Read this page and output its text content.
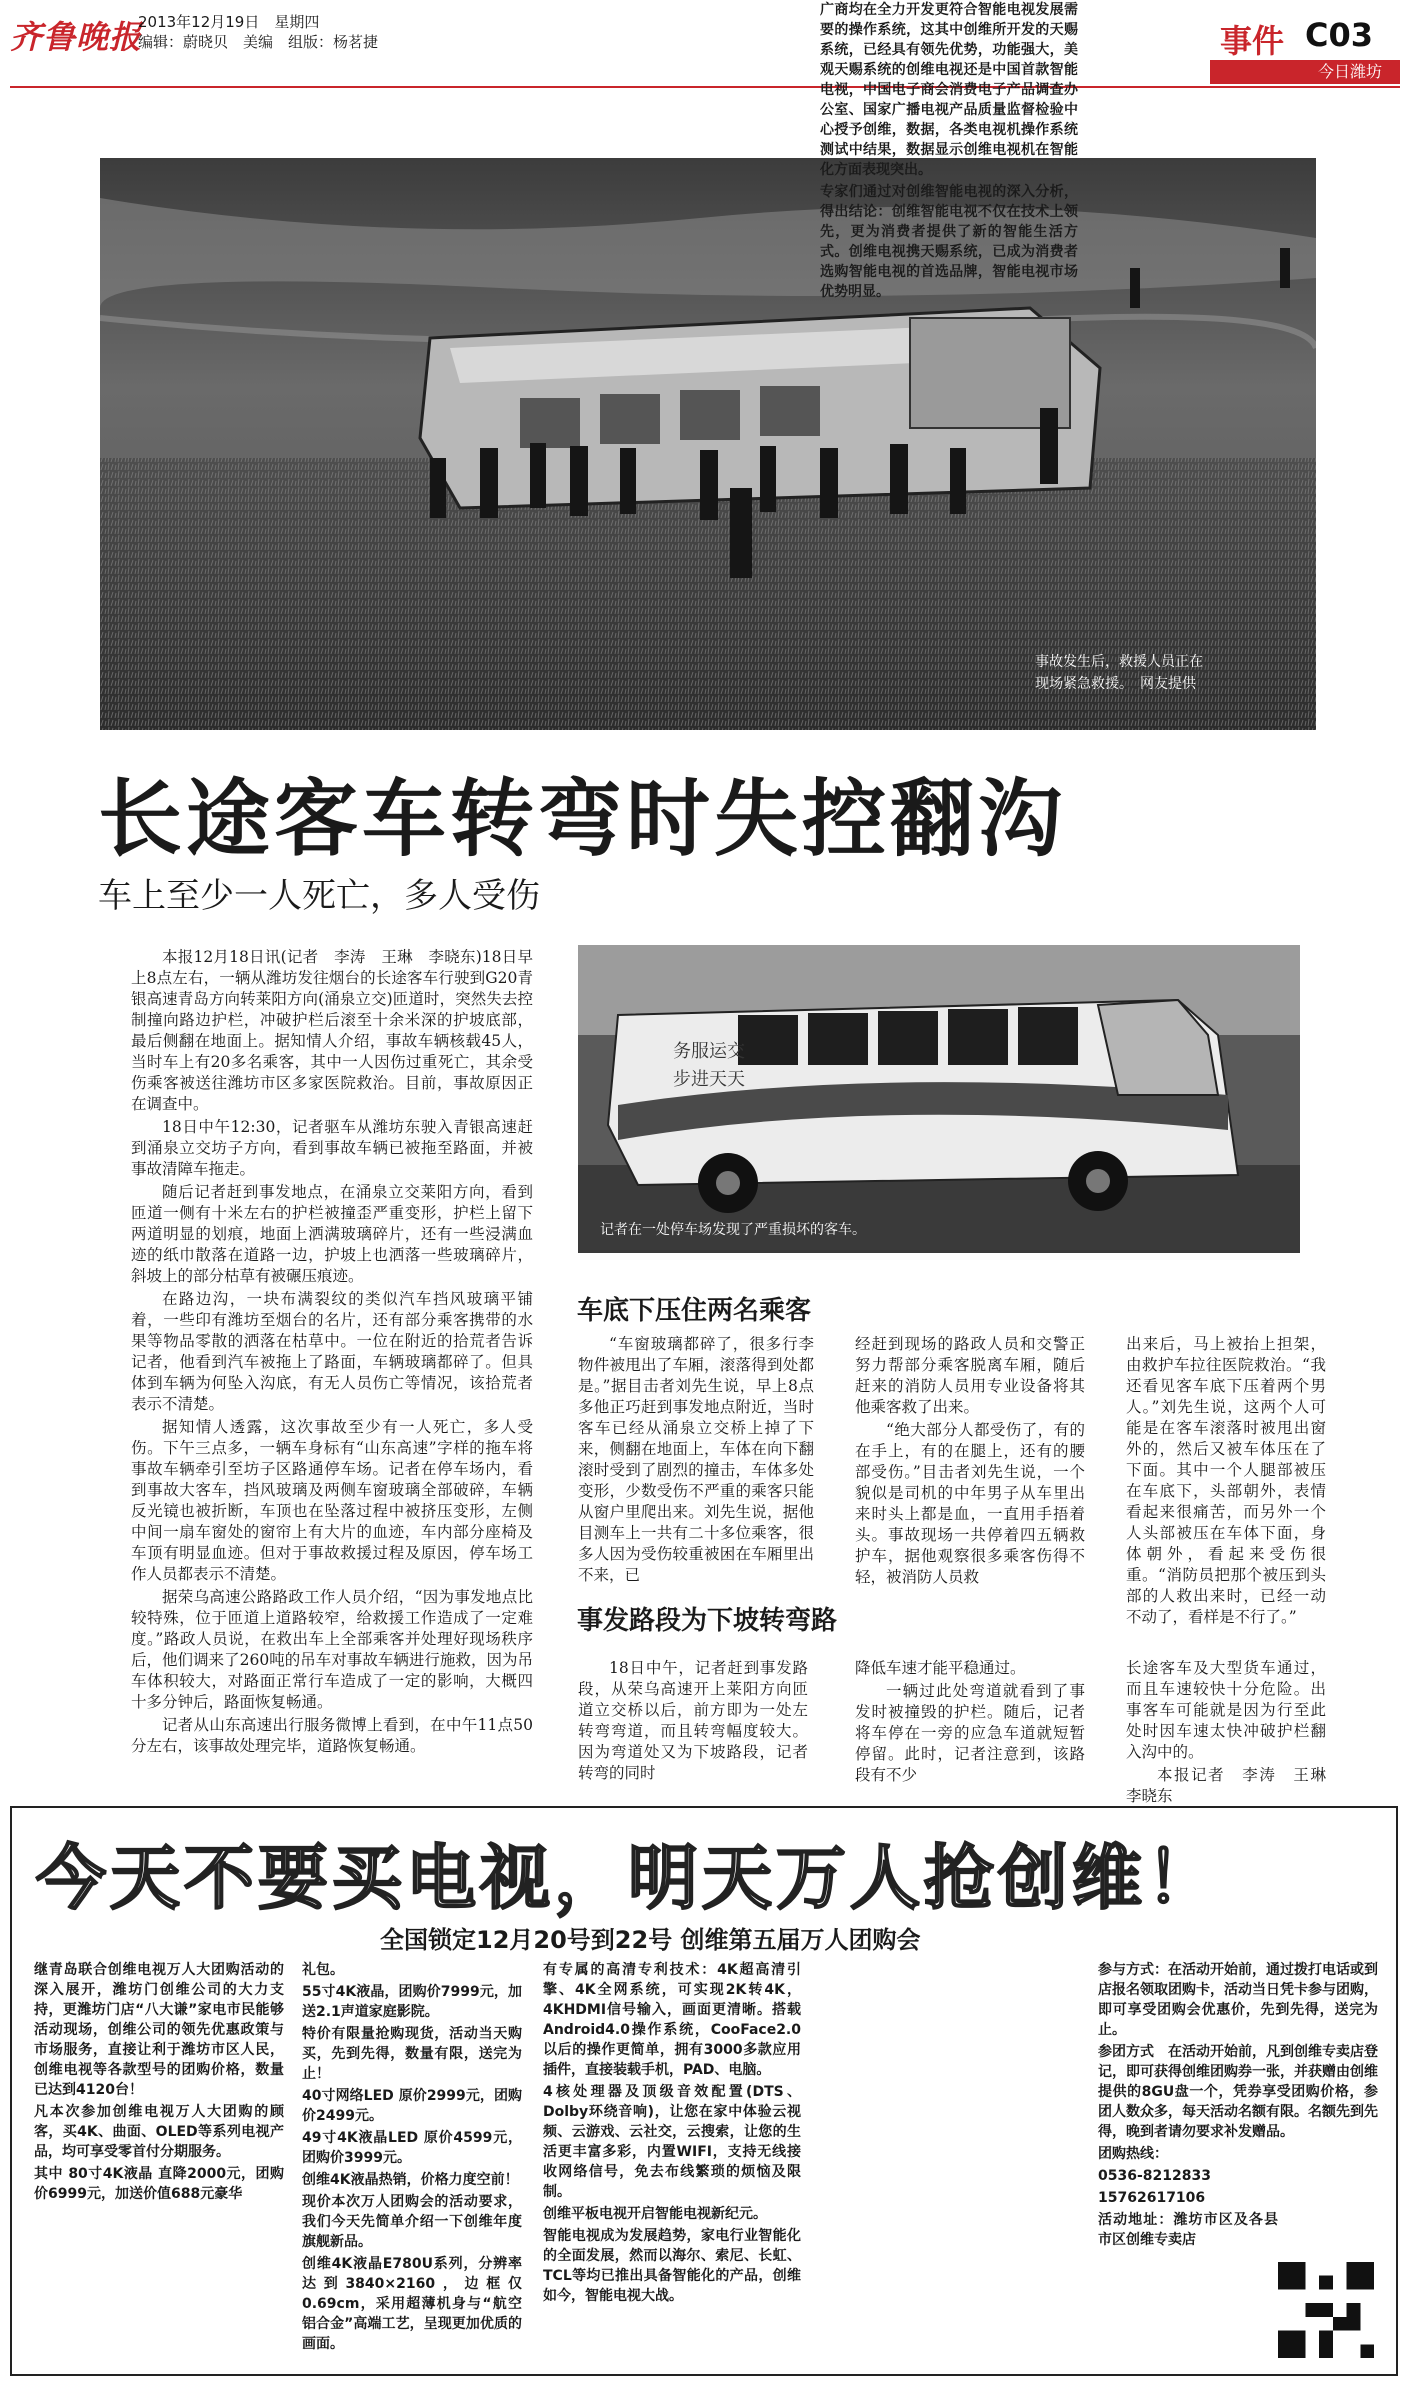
齐鲁晚报
2013年12月19日　星期四
编辑：蔚晓贝　美编　组版：杨茗捷	事件 C03
今日潍坊
事故发生后，救援人员正在
现场紧急救援。　网友提供
长途客车转弯时失控翻沟
车上至少一人死亡，多人受伤
务服运交
步进天天
记者在一处停车场发现了严重损坏的客车。

本报12月18日讯(记者　李涛　王琳　李晓东)18日早上8点左右，一辆从潍坊发往烟台的长途客车行驶到G20青银高速青岛方向转莱阳方向(涌泉立交)匝道时，突然失去控制撞向路边护栏，冲破护栏后滚至十余米深的护坡底部，最后侧翻在地面上。据知情人介绍，事故车辆核载45人，当时车上有20多名乘客，其中一人因伤过重死亡，其余受伤乘客被送往潍坊市区多家医院救治。目前，事故原因正在调查中。

18日中午12:30，记者驱车从潍坊东驶入青银高速赶到涌泉立交坊子方向，看到事故车辆已被拖至路面，并被事故清障车拖走。

随后记者赶到事发地点，在涌泉立交莱阳方向，看到匝道一侧有十米左右的护栏被撞歪严重变形，护栏上留下两道明显的划痕，地面上洒满玻璃碎片，还有一些浸满血迹的纸巾散落在道路一边，护坡上也洒落一些玻璃碎片，斜坡上的部分枯草有被碾压痕迹。

在路边沟，一块布满裂纹的类似汽车挡风玻璃平铺着，一些印有潍坊至烟台的名片，还有部分乘客携带的水果等物品零散的洒落在枯草中。一位在附近的拾荒者告诉记者，他看到汽车被拖上了路面，车辆玻璃都碎了。但具体到车辆为何坠入沟底，有无人员伤亡等情况，该拾荒者表示不清楚。

据知情人透露，这次事故至少有一人死亡，多人受伤。下午三点多，一辆车身标有“山东高速”字样的拖车将事故车辆牵引至坊子区路通停车场。记者在停车场内，看到事故大客车，挡风玻璃及两侧车窗玻璃全部破碎，车辆反光镜也被折断，车顶也在坠落过程中被挤压变形，左侧中间一扇车窗处的窗帘上有大片的血迹，车内部分座椅及车顶有明显血迹。但对于事故救援过程及原因，停车场工作人员都表示不清楚。

据荣乌高速公路路政工作人员介绍，“因为事发地点比较特殊，位于匝道上道路较窄，给救援工作造成了一定难度。”路政人员说，在救出车上全部乘客并处理好现场秩序后，他们调来了260吨的吊车对事故车辆进行施救，因为吊车体积较大，对路面正常行车造成了一定的影响，大概四十多分钟后，路面恢复畅通。

记者从山东高速出行服务微博上看到，在中午11点50分左右，该事故处理完毕，道路恢复畅通。

车底下压住两名乘客

“车窗玻璃都碎了，很多行李物件被甩出了车厢，滚落得到处都是。”据目击者刘先生说，早上8点多他正巧赶到事发地点附近，当时客车已经从涌泉立交桥上掉了下来，侧翻在地面上，车体在向下翻滚时受到了剧烈的撞击，车体多处变形，少数受伤不严重的乘客只能从窗户里爬出来。刘先生说，据他目测车上一共有二十多位乘客，很多人因为受伤较重被困在车厢里出不来，已

经赶到现场的路政人员和交警正努力帮部分乘客脱离车厢，随后赶来的消防人员用专业设备将其他乘客救了出来。

“绝大部分人都受伤了，有的在手上，有的在腿上，还有的腰部受伤。”目击者刘先生说，一个貌似是司机的中年男子从车里出来时头上都是血，一直用手捂着头。事故现场一共停着四五辆救护车，据他观察很多乘客伤得不轻，被消防人员救

出来后，马上被抬上担架，由救护车拉往医院救治。“我还看见客车底下压着两个男人。”刘先生说，这两个人可能是在客车滚落时被甩出窗外的，然后又被车体压在了下面。其中一个人腿部被压在车底下，头部朝外，表情看起来很痛苦，而另外一个人头部被压在车体下面，身体朝外，看起来受伤很重。“消防员把那个被压到头部的人救出来时，已经一动不动了，看样是不行了。”

事发路段为下坡转弯路

18日中午，记者赶到事发路段，从荣乌高速开上莱阳方向匝道立交桥以后，前方即为一处左转弯弯道，而且转弯幅度较大。因为弯道处又为下坡路段，记者转弯的同时

降低车速才能平稳通过。

一辆过此处弯道就看到了事发时被撞毁的护栏。随后，记者将车停在一旁的应急车道就短暂停留。此时，记者注意到，该路段有不少

长途客车及大型货车通过，而且车速较快十分危险。出事客车可能就是因为行至此处时因车速太快冲破护栏翻入沟中的。

本报记者　李涛　王琳　李晓东

今天不要买电视，明天万人抢创维！
全国锁定12月20号到22号 创维第五届万人团购会

继青岛联合创维电视万人大团购活动的深入展开，潍坊门创维公司的大力支持，更潍坊门店“八大谦”家电市民能够活动现场，创维公司的领先优惠政策与市场服务，直接让利于潍坊市区人民，创维电视等各款型号的团购价格，数量已达到4120台！

凡本次参加创维电视万人大团购的顾客，买4K、曲面、OLED等系列电视产品，均可享受零首付分期服务。

其中 80寸4K液晶 直降2000元，团购价6999元，加送价值688元豪华

礼包。

55寸4K液晶，团购价7999元，加送2.1声道家庭影院。

特价有限量抢购现货，活动当天购买，先到先得，数量有限，送完为止！

40寸网络LED 原价2999元，团购价2499元。

49寸4K液晶LED 原价4599元，团购价3999元。

创维4K液晶热销，价格力度空前！

现价本次万人团购会的活动要求，我们今天先简单介绍一下创维年度旗舰新品。

创维4K液晶E780U系列，分辨率达到3840×2160，边框仅0.69cm，采用超薄机身与“航空铝合金”高端工艺，呈现更加优质的画面。

有专属的高清专利技术：4K超高清引擎、4K全网系统，可实现2K转4K，4KHDMI信号输入，画面更清晰。搭载Android4.0操作系统，CooFace2.0以后的操作更简单，拥有3000多款应用插件，直接装载手机，PAD、电脑。

4核处理器及顶级音效配置(DTS、Dolby环绕音响)，让您在家中体验云视频、云游戏、云社交，云搜索，让您的生活更丰富多彩，内置WIFI，支持无线接收网络信号，免去布线繁琐的烦恼及限制。

创维平板电视开启智能电视新纪元。

智能电视成为发展趋势，家电行业智能化的全面发展，然而以海尔、索尼、长虹、TCL等均已推出具备智能化的产品，创维如今，智能电视大战。

广商均在全力开发更符合智能电视发展需要的操作系统，这其中创维所开发的天赐系统，已经具有领先优势，功能强大，美观天赐系统的创维电视还是中国首款智能电视，中国电子商会消费电子产品调查办公室、国家广播电视产品质量监督检验中心授予创维，数据，各类电视机操作系统测试中结果，数据显示创维电视机在智能化方面表现突出。

专家们通过对创维智能电视的深入分析，得出结论：创维智能电视不仅在技术上领先，更为消费者提供了新的智能生活方式。创维电视携天赐系统，已成为消费者选购智能电视的首选品牌，智能电视市场优势明显。

参与方式：在活动开始前，通过拨打电话或到店报名领取团购卡，活动当日凭卡参与团购，即可享受团购会优惠价，先到先得，送完为止。

参团方式　在活动开始前，凡到创维专卖店登记，即可获得创维团购券一张，并获赠由创维提供的8GU盘一个，凭券享受团购价格，参团人数众多，每天活动名额有限。名额先到先得，晚到者请勿要求补发赠品。

团购热线：

0536-8212833

15762617106

活动地址：潍坊市区及各县市区创维专卖店
